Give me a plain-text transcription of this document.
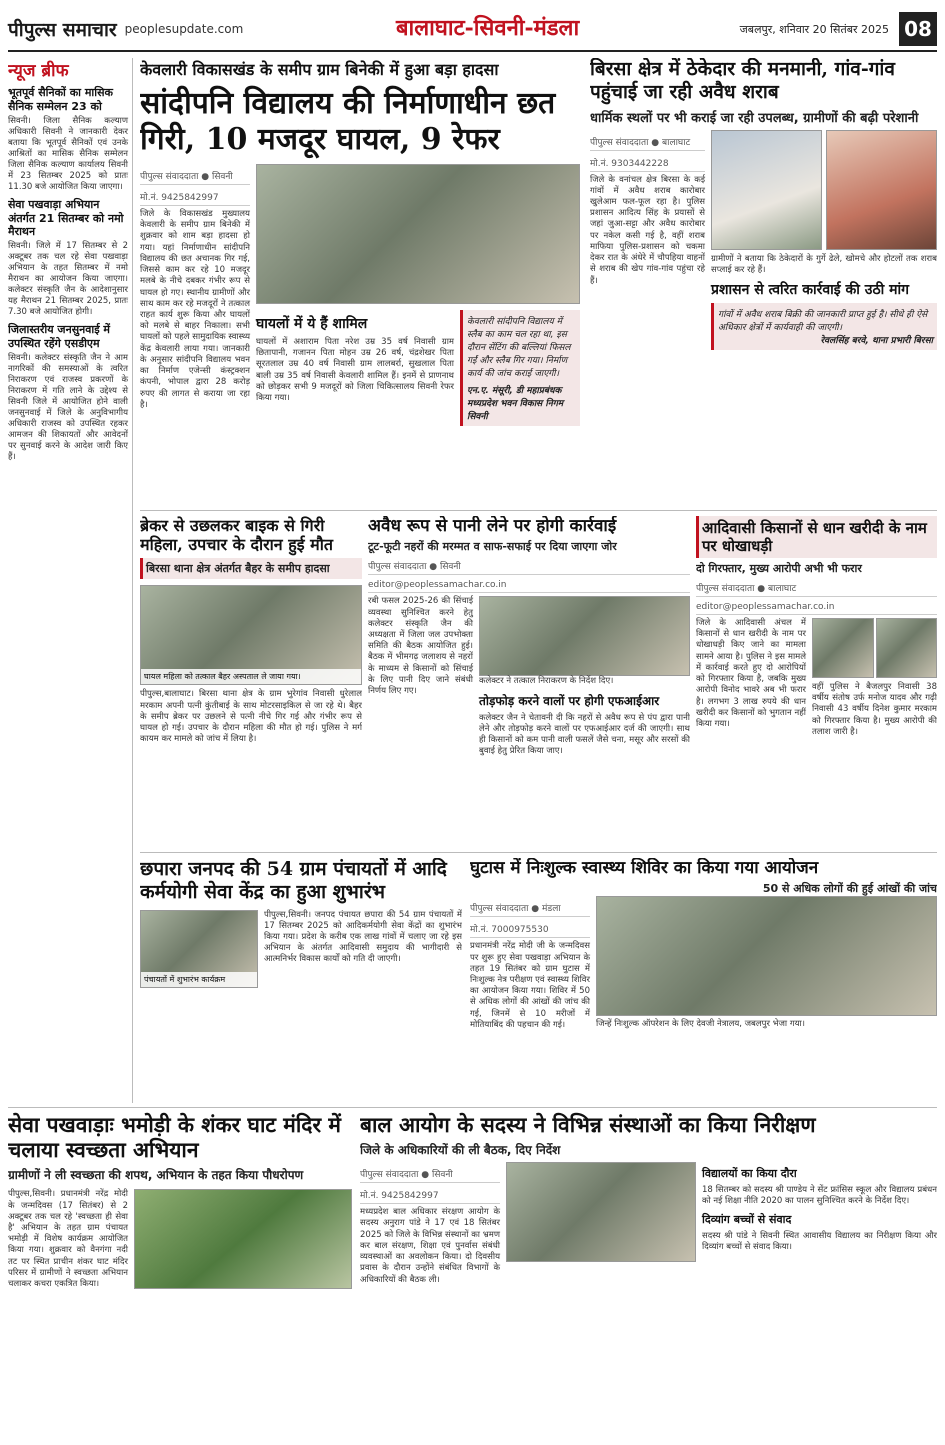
पीपुल्स समाचार peoplesupdate.com	बालाघाट-सिवनी-मंडला	जबलपुर, शनिवार 20 सितंबर 2025 08
न्यूज ब्रीफ
भूतपूर्व सैनिकों का मासिक सैनिक सम्मेलन 23 को
सिवनी। जिला सैनिक कल्याण अधिकारी सिवनी ने जानकारी देकर बताया कि भूतपूर्व सैनिकों एवं उनके आश्रितों का मासिक सैनिक सम्मेलन जिला सैनिक कल्याण कार्यालय सिवनी में 23 सितम्बर 2025 को प्रातः 11.30 बजे आयोजित किया जाएगा।
सेवा पखवाड़ा अभियान अंतर्गत 21 सितम्बर को नमो मैराथन
सिवनी। जिले में 17 सितम्बर से 2 अक्टूबर तक चल रहे सेवा पखवाड़ा अभियान के तहत सितम्बर में नमो मैराथन का आयोजन किया जाएगा। कलेक्टर संस्कृति जैन के आदेशानुसार यह मैराथन 21 सितम्बर 2025, प्रातः 7.30 बजे आयोजित होगी।
जिलास्तरीय जनसुनवाई में उपस्थित रहेंगे एसडीएम
सिवनी। कलेक्टर संस्कृति जैन ने आम नागरिकों की समस्याओं के त्वरित निराकरण एवं राजस्व प्रकरणों के निराकरण में गति लाने के उद्देश्य से सिवनी जिले में आयोजित होने वाली जनसुनवाई में जिले के अनुविभागीय अधिकारी राजस्व को उपस्थित रहकर आमजन की शिकायतों और आवेदनों पर सुनवाई करने के आदेश जारी किए हैं।
केवलारी विकासखंड के समीप ग्राम बिनेकी में हुआ बड़ा हादसा
सांदीपनि विद्यालय की निर्माणाधीन छत गिरी, 10 मजदूर घायल, 9 रेफर
पीपुल्स संवाददाता ● सिवनी
मो.नं. 9425842997
जिले के विकासखंड मुख्यालय केवलारी के समीप ग्राम बिनेकी में शुक्रवार को शाम बड़ा हादसा हो गया। यहां निर्माणाधीन सांदीपनि विद्यालय की छत अचानक गिर गई, जिससे काम कर रहे 10 मजदूर मलबे के नीचे दबकर गंभीर रूप से घायल हो गए। स्थानीय ग्रामीणों और साथ काम कर रहे मजदूरों ने तत्काल राहत कार्य शुरू किया और घायलों को मलबे से बाहर निकाला। सभी घायलों को पहले सामुदायिक स्वास्थ्य केंद्र केवलारी लाया गया। जानकारी के अनुसार सांदीपनि विद्यालय भवन का निर्माण एजेन्सी कंस्ट्रक्शन कंपनी, भोपाल द्वारा 28 करोड़ रुपए की लागत से कराया जा रहा है।
घायलों में ये हैं शामिल
घायलों में अशाराम पिता नरेश उम्र 35 वर्ष निवासी ग्राम छितापानी, गजानन पिता मोहन उम्र 26 वर्ष, चंद्रशेखर पिता सूरतलाल उम्र 40 वर्ष निवासी ग्राम लालबर्रा, सुखलाल पिता बाली उम्र 35 वर्ष निवासी केवलारी शामिल हैं। इनमें से प्राणनाथ को छोड़कर सभी 9 मजदूरों को जिला चिकित्सालय सिवनी रेफर किया गया।
केवलारी सांदीपनि विद्यालय में स्लैब का काम चल रहा था, इस दौरान सेंटिंग की बल्लियां फिसल गईं और स्लैब गिर गया। निर्माण कार्य की जांच कराई जाएगी।
एन.ए. मंसूरी, डी महाप्रबंधक मध्यप्रदेश भवन विकास निगम सिवनी
बिरसा क्षेत्र में ठेकेदार की मनमानी, गांव-गांव पहुंचाई जा रही अवैध शराब
धार्मिक स्थलों पर भी कराई जा रही उपलब्ध, ग्रामीणों की बढ़ी परेशानी
पीपुल्स संवाददाता ● बालाघाट
मो.नं. 9303442228
जिले के वनांचल क्षेत्र बिरसा के कई गांवों में अवैध शराब कारोबार खुलेआम फल-फूल रहा है। पुलिस प्रशासन आदित्य सिंह के प्रयासों से जहां जुआ-सट्टा और अवैध कारोबार पर नकेल कसी गई है, वहीं शराब माफिया पुलिस-प्रशासन को चकमा देकर रात के अंधेरे में चौपहिया वाहनों से शराब की खेप गांव-गांव पहुंचा रहे हैं।
ग्रामीणों ने बताया कि ठेकेदारों के गुर्गे ढेले, खोमचे और होटलों तक शराब सप्लाई कर रहे हैं।
प्रशासन से त्वरित कार्रवाई की उठी मांग
गांवों में अवैध शराब बिक्री की जानकारी प्राप्त हुई है। सीधे ही ऐसे अधिकार क्षेत्रों में कार्यवाही की जाएगी।
रेवलसिंह बरवे, थाना प्रभारी बिरसा
ब्रेकर से उछलकर बाइक से गिरी महिला, उपचार के दौरान हुई मौत
बिरसा थाना क्षेत्र अंतर्गत बैहर के समीप हादसा
घायल महिला को तत्काल बैहर अस्पताल ले जाया गया।
पीपुल्स,बालाघाट। बिरसा थाना क्षेत्र के ग्राम भुरेगांव निवासी धुरेलाल मरकाम अपनी पत्नी कुंतीबाई के साथ मोटरसाइकिल से जा रहे थे। बैहर के समीप ब्रेकर पर उछलने से पत्नी नीचे गिर गई और गंभीर रूप से घायल हो गई। उपचार के दौरान महिला की मौत हो गई। पुलिस ने मर्ग कायम कर मामले को जांच में लिया है।
अवैध रूप से पानी लेने पर होगी कार्रवाई
टूट-फूटी नहरों की मरम्मत व साफ-सफाई पर दिया जाएगा जोर
पीपुल्स संवाददाता ● सिवनी
editor@peoplessamachar.co.in
रबी फसल 2025-26 की सिंचाई व्यवस्था सुनिश्चित करने हेतु कलेक्टर संस्कृति जैन की अध्यक्षता में जिला जल उपभोक्ता समिति की बैठक आयोजित हुई। बैठक में भीमगढ़ जलाशय से नहरों के माध्यम से किसानों को सिंचाई के लिए पानी दिए जाने संबंधी निर्णय लिए गए।
कलेक्टर ने तत्काल निराकरण के निर्देश दिए।
तोड़फोड़ करने वालों पर होगी एफआईआर
कलेक्टर जैन ने चेतावनी दी कि नहरों से अवैध रूप से पंप द्वारा पानी लेने और तोड़फोड़ करने वालों पर एफआईआर दर्ज की जाएगी। साथ ही किसानों को कम पानी वाली फसलें जैसे चना, मसूर और सरसों की बुवाई हेतु प्रेरित किया जाए।
आदिवासी किसानों से धान खरीदी के नाम पर धोखाधड़ी
दो गिरफ्तार, मुख्य आरोपी अभी भी फरार
पीपुल्स संवाददाता ● बालाघाट
editor@peoplessamachar.co.in
जिले के आदिवासी अंचल में किसानों से धान खरीदी के नाम पर धोखाधड़ी किए जाने का मामला सामने आया है। पुलिस ने इस मामले में कार्रवाई करते हुए दो आरोपियों को गिरफ्तार किया है, जबकि मुख्य आरोपी विनोद भावरे अब भी फरार है। लगभग 3 लाख रुपये की धान खरीदी कर किसानों को भुगतान नहीं किया गया।
वहीं पुलिस ने बैजलपुर निवासी 38 वर्षीय संतोष उर्फ मनोज यादव और गढ़ी निवासी 43 वर्षीय दिनेश कुमार मरकाम को गिरफ्तार किया है। मुख्य आरोपी की तलाश जारी है।
छपारा जनपद की 54 ग्राम पंचायतों में आदि कर्मयोगी सेवा केंद्र का हुआ शुभारंभ
पंचायतों में शुभारंभ कार्यक्रम
पीपुल्स,सिवनी। जनपद पंचायत छपारा की 54 ग्राम पंचायतों में 17 सितम्बर 2025 को आदिकर्मयोगी सेवा केंद्रों का शुभारंभ किया गया। प्रदेश के करीब एक लाख गांवों में चलाए जा रहे इस अभियान के अंतर्गत आदिवासी समुदाय की भागीदारी से आत्मनिर्भर विकास कार्यों को गति दी जाएगी।
घुटास में निःशुल्क स्वास्थ्य शिविर का किया गया आयोजन
50 से अधिक लोगों की हुई आंखों की जांच
पीपुल्स संवाददाता ● मंडला
मो.नं. 7000975530
प्रधानमंत्री नरेंद्र मोदी जी के जन्मदिवस पर शुरू हुए सेवा पखवाड़ा अभियान के तहत 19 सितंबर को ग्राम घुटास में निःशुल्क नेत्र परीक्षण एवं स्वास्थ्य शिविर का आयोजन किया गया। शिविर में 50 से अधिक लोगों की आंखों की जांच की गई, जिनमें से 10 मरीजों में मोतियाबिंद की पहचान की गई।	जिन्हें निःशुल्क ऑपरेशन के लिए देवजी नेत्रालय, जबलपुर भेजा गया।
सेवा पखवाड़ाः भमोड़ी के शंकर घाट मंदिर में चलाया स्वच्छता अभियान
ग्रामीणों ने ली स्वच्छता की शपथ, अभियान के तहत किया पौधरोपण
पीपुल्स,सिवनी। प्रधानमंत्री नरेंद्र मोदी के जन्मदिवस (17 सितंबर) से 2 अक्टूबर तक चल रहे 'स्वच्छता ही सेवा है' अभियान के तहत ग्राम पंचायत भमोड़ी में विशेष कार्यक्रम आयोजित किया गया। शुक्रवार को वैनगंगा नदी तट पर स्थित प्राचीन शंकर घाट मंदिर परिसर में ग्रामीणों ने स्वच्छता अभियान चलाकर कचरा एकत्रित किया।
बाल आयोग के सदस्य ने विभिन्न संस्थाओं का किया निरीक्षण
जिले के अधिकारियों की ली बैठक, दिए निर्देश
पीपुल्स संवाददाता ● सिवनी
मो.नं. 9425842997
मध्यप्रदेश बाल अधिकार संरक्षण आयोग के सदस्य अनुराग पांडे ने 17 एवं 18 सितंबर 2025 को जिले के विभिन्न संस्थानों का भ्रमण कर बाल संरक्षण, शिक्षा एवं पुनर्वास संबंधी व्यवस्थाओं का अवलोकन किया। दो दिवसीय प्रवास के दौरान उन्होंने संबंधित विभागों के अधिकारियों की बैठक ली।
विद्यालयों का किया दौरा
18 सितम्बर को सदस्य श्री पाण्डेय ने सेंट फ्रांसिस स्कूल और विद्यालय प्रबंधन को नई शिक्षा नीति 2020 का पालन सुनिश्चित करने के निर्देश दिए।
दिव्यांग बच्चों से संवाद
सदस्य श्री पांडे ने सिवनी स्थित आवासीय विद्यालय का निरीक्षण किया और दिव्यांग बच्चों से संवाद किया।
